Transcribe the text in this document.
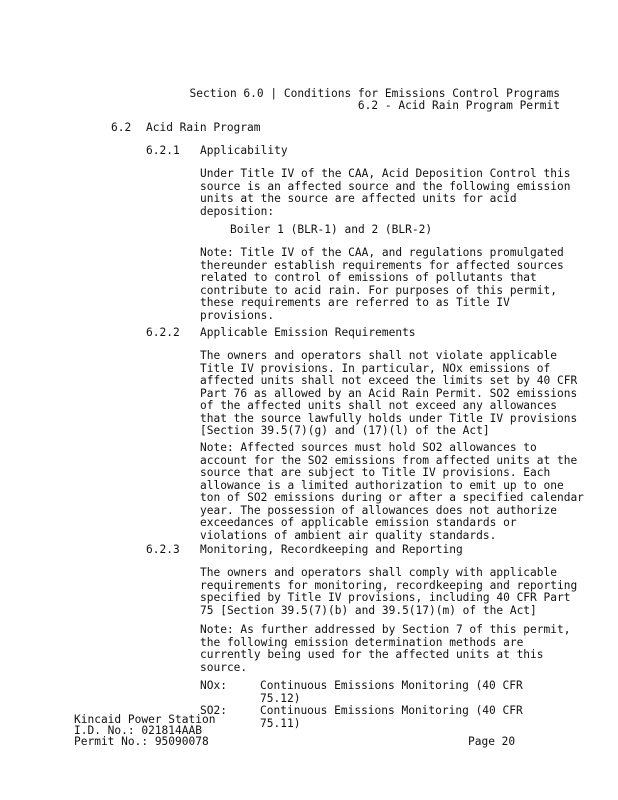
Section 6.0 | Conditions for Emissions Control Programs
6.2 - Acid Rain Program Permit
6.2 Acid Rain Program
6.2.1 Applicability
Under Title IV of the CAA, Acid Deposition Control this
source is an affected source and the following emission
units at the source are affected units for acid
deposition:
Boiler 1 (BLR-1) and 2 (BLR-2)
Note: Title IV of the CAA, and regulations promulgated
thereunder establish requirements for affected sources
related to control of emissions of pollutants that
contribute to acid rain. For purposes of this permit,
these requirements are referred to as Title IV
provisions.
6.2.2 Applicable Emission Requirements
The owners and operators shall not violate applicable
Title IV provisions. In particular, NOx emissions of
affected units shall not exceed the limits set by 40 CFR
Part 76 as allowed by an Acid Rain Permit. SO2 emissions
of the affected units shall not exceed any allowances
that the source lawfully holds under Title IV provisions
[Section 39.5(7)(g) and (17)(l) of the Act]
Note: Affected sources must hold SO2 allowances to
account for the SO2 emissions from affected units at the
source that are subject to Title IV provisions. Each
allowance is a limited authorization to emit up to one
ton of SO2 emissions during or after a specified calendar
year. The possession of allowances does not authorize
exceedances of applicable emission standards or
violations of ambient air quality standards.
6.2.3 Monitoring, Recordkeeping and Reporting
The owners and operators shall comply with applicable
requirements for monitoring, recordkeeping and reporting
specified by Title IV provisions, including 40 CFR Part
75 [Section 39.5(7)(b) and 39.5(17)(m) of the Act]
Note: As further addressed by Section 7 of this permit,
the following emission determination methods are
currently being used for the affected units at this
source.
NOx:	Continuous Emissions Monitoring (40 CFR 75.12)
SO2:	Continuous Emissions Monitoring (40 CFR 75.11)
Kincaid Power Station
I.D. No.: 021814AAB
Permit No.: 95090078	Page 20
